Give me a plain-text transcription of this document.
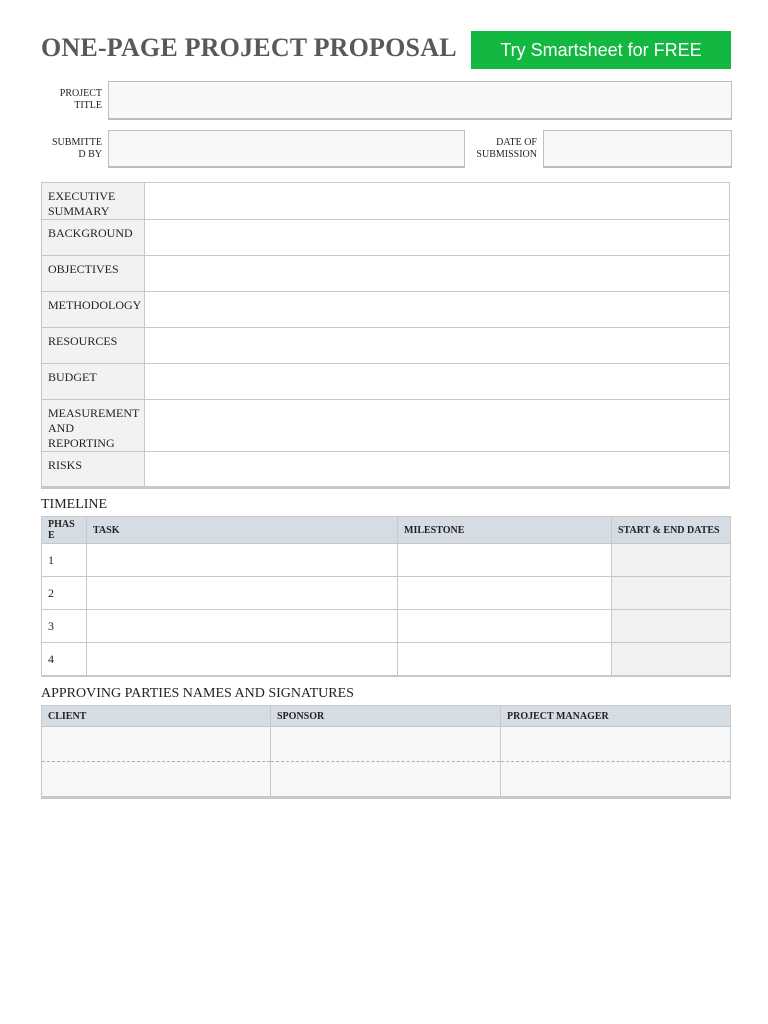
ONE-PAGE PROJECT PROPOSAL	Try Smartsheet for FREE
PROJECT
TITLE
SUBMITTE
D BY
DATE OF
SUBMISSION
EXECUTIVE SUMMARY	
BACKGROUND	
OBJECTIVES	
METHODOLOGY	
RESOURCES	
BUDGET	
MEASUREMENT AND REPORTING	
RISKS	
TIMELINE
PHAS E	TASK	MILESTONE	START & END DATES
1			
2			
3			
4			
APPROVING PARTIES NAMES AND SIGNATURES
CLIENT	SPONSOR	PROJECT MANAGER
